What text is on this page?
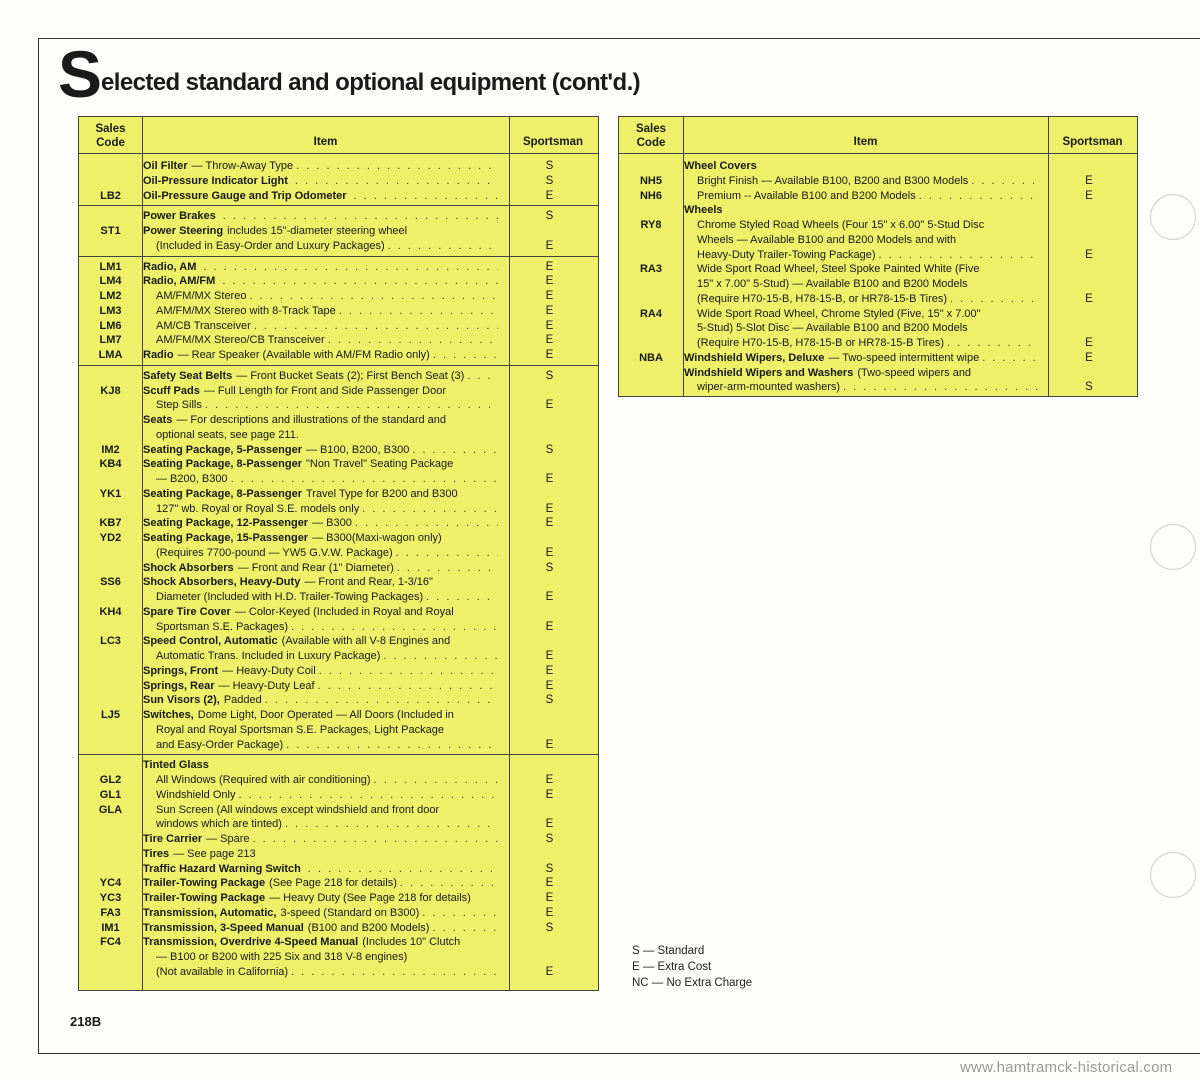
S elected standard and optional equipment (cont'd.)
Sales
Code	Item	Sportsman
Oil Filter — Throw-Away Type . . .	S
Oil-Pressure Indicator Light . . .	S
LB2	Oil-Pressure Gauge and Trip Odometer . . .	E
Power Brakes . . .	S
ST1	Power Steering includes 15"-diameter steering wheel
(Included in Easy-Order and Luxury Packages) . . .	E
LM1	Radio, AM . . .	E
LM4	Radio, AM/FM . . .	E
LM2	AM/FM/MX Stereo . . .	E
LM3	AM/FM/MX Stereo with 8-Track Tape . . .	E
LM6	AM/CB Transceiver . . .	E
LM7	AM/FM/MX Stereo/CB Transceiver . . .	E
LMA	Radio — Rear Speaker (Available with AM/FM Radio only) . . .	E
Safety Seat Belts — Front Bucket Seats (2); First Bench Seat (3) . . .	S
KJ8	Scuff Pads — Full Length for Front and Side Passenger Door
Step Sills . . .	E
Seats — For descriptions and illustrations of the standard and
optional seats, see page 211.
IM2	Seating Package, 5-Passenger — B100, B200, B300 . . .	S
KB4	Seating Package, 8-Passenger "Non Travel" Seating Package
— B200, B300 . . .	E
YK1	Seating Package, 8-Passenger Travel Type for B200 and B300
127" wb. Royal or Royal S.E. models only . . .	E
KB7	Seating Package, 12-Passenger — B300 . . .	E
YD2	Seating Package, 15-Passenger — B300(Maxi-wagon only)
(Requires 7700-pound — YW5 G.V.W. Package) . . .	E
Shock Absorbers — Front and Rear (1" Diameter) . . .	S
SS6	Shock Absorbers, Heavy-Duty — Front and Rear, 1-3/16"
Diameter (Included with H.D. Trailer-Towing Packages) . . .	E
KH4	Spare Tire Cover — Color-Keyed (Included in Royal and Royal
Sportsman S.E. Packages) . . .	E
LC3	Speed Control, Automatic (Available with all V-8 Engines and
Automatic Trans. Included in Luxury Package) . . .	E
Springs, Front — Heavy-Duty Coil . . .	E
Springs, Rear — Heavy-Duty Leaf . . .	E
Sun Visors (2), Padded . . .	S
LJ5	Switches, Dome Light, Door Operated — All Doors (Included in
Royal and Royal Sportsman S.E. Packages, Light Package
and Easy-Order Package) . . .	E
Tinted Glass
GL2	All Windows (Required with air conditioning) . . .	E
GL1	Windshield Only . . .	E
GLA	Sun Screen (All windows except windshield and front door
windows which are tinted) . . .	E
Tire Carrier — Spare . . .	S
Tires — See page 213
Traffic Hazard Warning Switch . . .	S
YC4	Trailer-Towing Package (See Page 218 for details) . . .	E
YC3	Trailer-Towing Package — Heavy Duty (See Page 218 for details)	E
FA3	Transmission, Automatic, 3-speed (Standard on B300) . . .	E
IM1	Transmission, 3-Speed Manual (B100 and B200 Models) . . .	S
FC4	Transmission, Overdrive 4-Speed Manual (Includes 10" Clutch
— B100 or B200 with 225 Six and 318 V-8 engines)
(Not available in California) . . .	E
Sales
Code	Item	Sportsman
Wheel Covers
NH5	Bright Finish — Available B100, B200 and B300 Models . . .	E
NH6	Premium -- Available B100 and B200 Models . . .	E
Wheels
RY8	Chrome Styled Road Wheels (Four 15" x 6.00" 5-Stud Disc
Wheels — Available B100 and B200 Models and with
Heavy-Duty Trailer-Towing Package) . . .	E
RA3	Wide Sport Road Wheel, Steel Spoke Painted White (Five
15" x 7.00" 5-Stud) — Available B100 and B200 Models
(Require H70-15-B, H78-15-B, or HR78-15-B Tires) . . .	E
RA4	Wide Sport Road Wheel, Chrome Styled (Five, 15" x 7.00"
5-Stud) 5-Slot Disc — Available B100 and B200 Models
(Require H70-15-B, H78-15-B or HR78-15-B Tires) . . .	E
NBA	Windshield Wipers, Deluxe — Two-speed intermittent wipe . . .	E
Windshield Wipers and Washers (Two-speed wipers and
wiper-arm-mounted washers) . . .	S
S — Standard
E — Extra Cost
NC — No Extra Charge
218B
www.hamtramck-historical.com
